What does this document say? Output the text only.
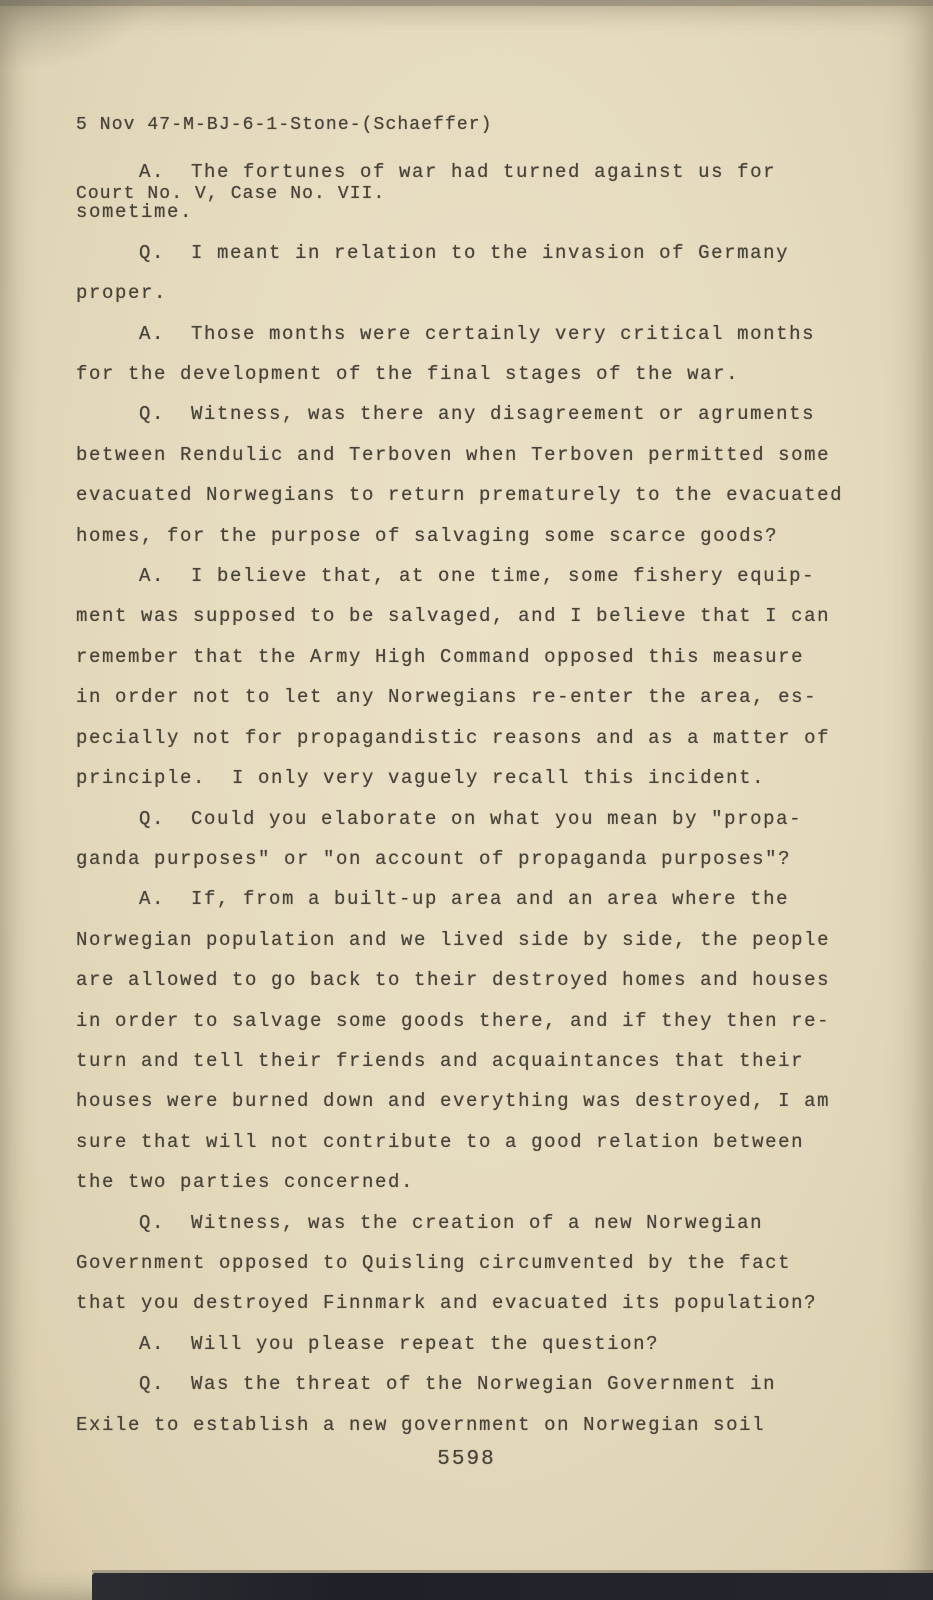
5 Nov 47-M-BJ-6-1-Stone-(Schaeffer)

Court No. V, Case No. VII.

A.  The fortunes of war had turned against us for
sometime.
Q.  I meant in relation to the invasion of Germany
proper.
A.  Those months were certainly very critical months
for the development of the final stages of the war.
Q.  Witness, was there any disagreement or agruments
between Rendulic and Terboven when Terboven permitted some
evacuated Norwegians to return prematurely to the evacuated
homes, for the purpose of salvaging some scarce goods?
A.  I believe that, at one time, some fishery equip-
ment was supposed to be salvaged, and I believe that I can
remember that the Army High Command opposed this measure
in order not to let any Norwegians re-enter the area, es-
pecially not for propagandistic reasons and as a matter of
principle.  I only very vaguely recall this incident.
Q.  Could you elaborate on what you mean by "propa-
ganda purposes" or "on account of propaganda purposes"?
A.  If, from a built-up area and an area where the
Norwegian population and we lived side by side, the people
are allowed to go back to their destroyed homes and houses
in order to salvage some goods there, and if they then re-
turn and tell their friends and acquaintances that their
houses were burned down and everything was destroyed, I am
sure that will not contribute to a good relation between
the two parties concerned.
Q.  Witness, was the creation of a new Norwegian
Government opposed to Quisling circumvented by the fact
that you destroyed Finnmark and evacuated its population?
A.  Will you please repeat the question?
Q.  Was the threat of the Norwegian Government in
Exile to establish a new government on Norwegian soil
5598
